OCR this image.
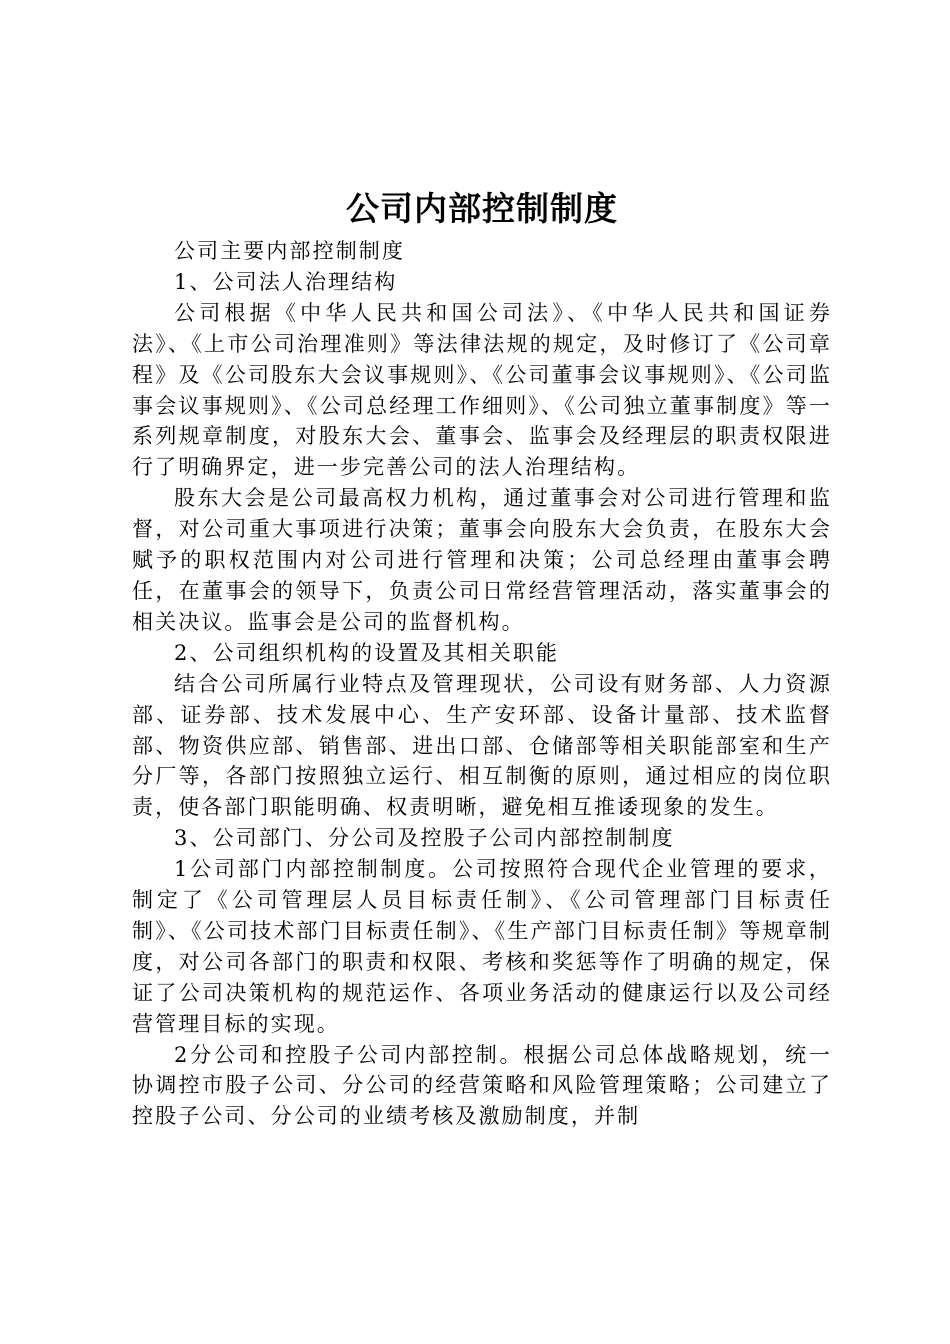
公司内部控制制度

公司主要内部控制制度

1、公司法人治理结构

公司根据《中华人民共和国公司法》、《中华人民共和国证券法》、《上市公司治理准则》等法律法规的规定，及时修订了《公司章程》及《公司股东大会议事规则》、《公司董事会议事规则》、《公司监事会议事规则》、《公司总经理工作细则》、《公司独立董事制度》等一系列规章制度，对股东大会、董事会、监事会及经理层的职责权限进行了明确界定，进一步完善公司的法人治理结构。

股东大会是公司最高权力机构，通过董事会对公司进行管理和监督，对公司重大事项进行决策；董事会向股东大会负责，在股东大会赋予的职权范围内对公司进行管理和决策；公司总经理由董事会聘任，在董事会的领导下，负责公司日常经营管理活动，落实董事会的相关决议。监事会是公司的监督机构。

2、公司组织机构的设置及其相关职能

结合公司所属行业特点及管理现状，公司设有财务部、人力资源部、证券部、技术发展中心、生产安环部、设备计量部、技术监督部、物资供应部、销售部、进出口部、仓储部等相关职能部室和生产分厂等，各部门按照独立运行、相互制衡的原则，通过相应的岗位职责，使各部门职能明确、权责明晰，避免相互推诿现象的发生。

3、公司部门、分公司及控股子公司内部控制制度

1公司部门内部控制制度。公司按照符合现代企业管理的要求，制定了《公司管理层人员目标责任制》、《公司管理部门目标责任制》、《公司技术部门目标责任制》、《生产部门目标责任制》等规章制度，对公司各部门的职责和权限、考核和奖惩等作了明确的规定，保证了公司决策机构的规范运作、各项业务活动的健康运行以及公司经营管理目标的实现。

2分公司和控股子公司内部控制。根据公司总体战略规划，统一协调控市股子公司、分公司的经营策略和风险管理策略；公司建立了控股子公司、分公司的业绩考核及激励制度，并制
